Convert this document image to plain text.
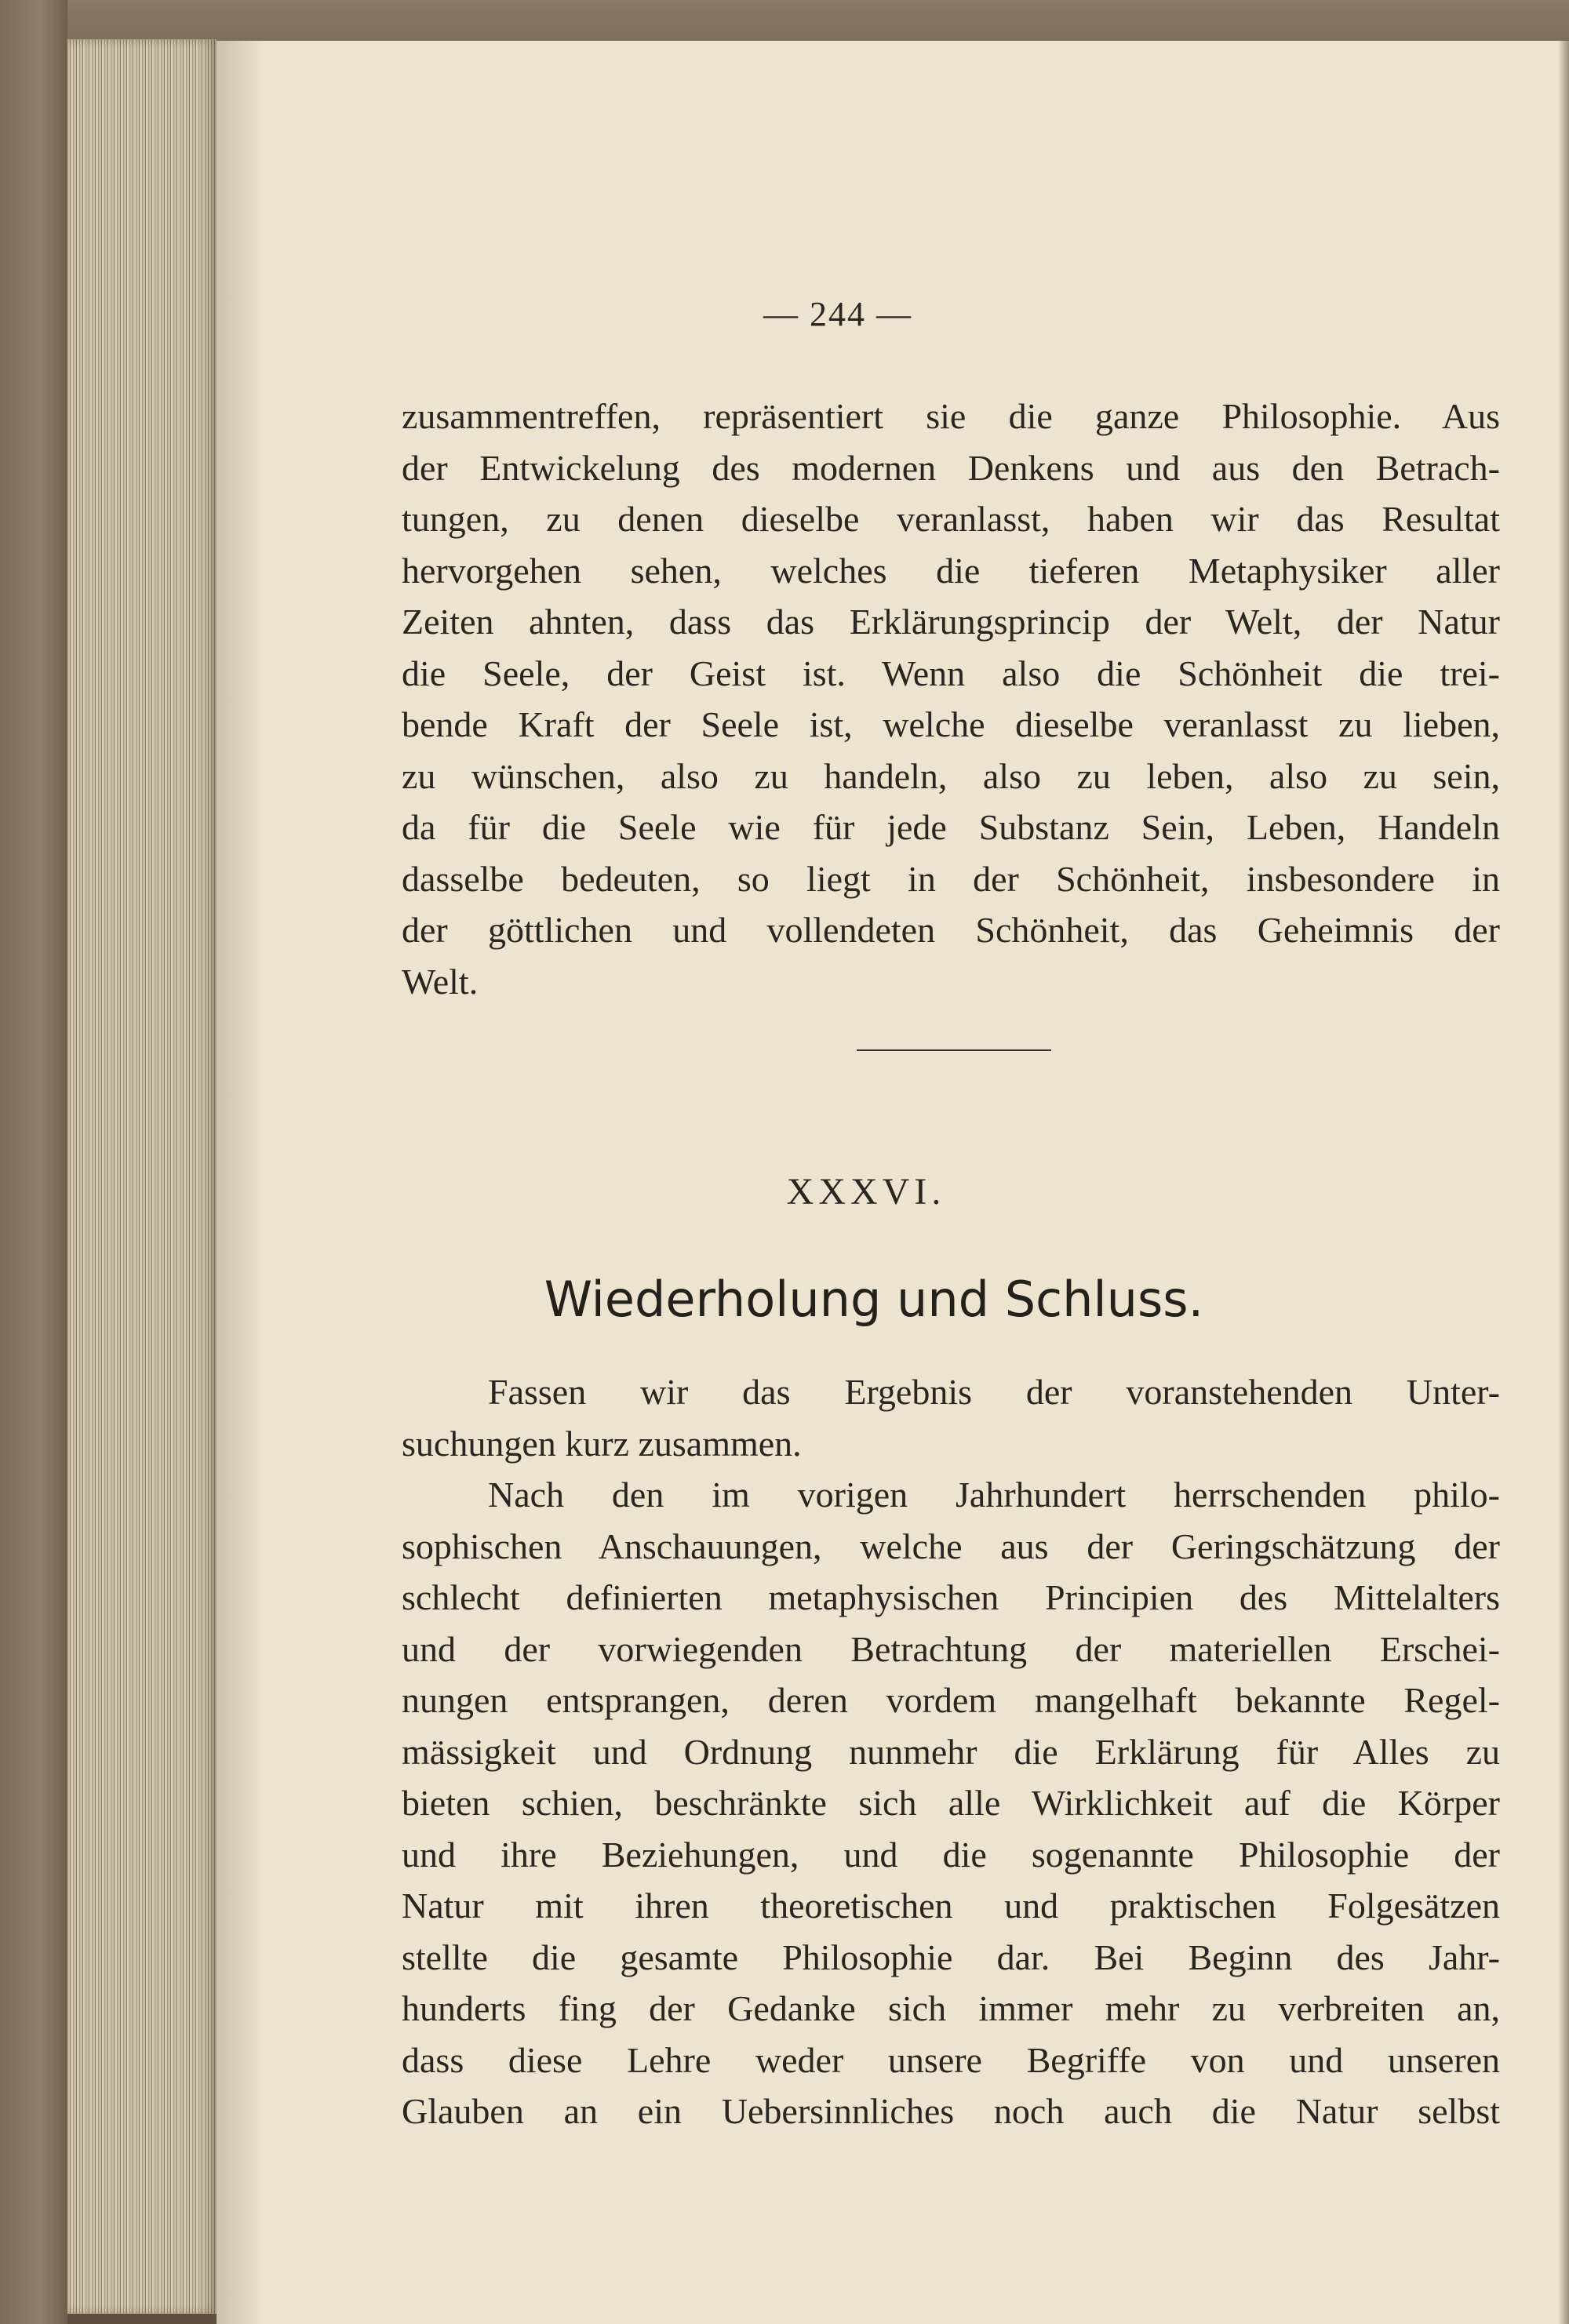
— 244 —
zusammentreffen, repräsentiert sie die ganze Philosophie. Aus
der Entwickelung des modernen Denkens und aus den Betrach-
tungen, zu denen dieselbe veranlasst, haben wir das Resultat
hervorgehen sehen, welches die tieferen Metaphysiker aller
Zeiten ahnten, dass das Erklärungsprincip der Welt, der Natur
die Seele, der Geist ist. Wenn also die Schönheit die trei-
bende Kraft der Seele ist, welche dieselbe veranlasst zu lieben,
zu wünschen, also zu handeln, also zu leben, also zu sein,
da für die Seele wie für jede Substanz Sein, Leben, Handeln
dasselbe bedeuten, so liegt in der Schönheit, insbesondere in
der göttlichen und vollendeten Schönheit, das Geheimnis der
Welt.
XXXVI.
Wiederholung und Schluss.
Fassen wir das Ergebnis der voranstehenden Unter-
suchungen kurz zusammen.
Nach den im vorigen Jahrhundert herrschenden philo-
sophischen Anschauungen, welche aus der Geringschätzung der
schlecht definierten metaphysischen Principien des Mittelalters
und der vorwiegenden Betrachtung der materiellen Erschei-
nungen entsprangen, deren vordem mangelhaft bekannte Regel-
mässigkeit und Ordnung nunmehr die Erklärung für Alles zu
bieten schien, beschränkte sich alle Wirklichkeit auf die Körper
und ihre Beziehungen, und die sogenannte Philosophie der
Natur mit ihren theoretischen und praktischen Folgesätzen
stellte die gesamte Philosophie dar. Bei Beginn des Jahr-
hunderts fing der Gedanke sich immer mehr zu verbreiten an,
dass diese Lehre weder unsere Begriffe von und unseren
Glauben an ein Uebersinnliches noch auch die Natur selbst
